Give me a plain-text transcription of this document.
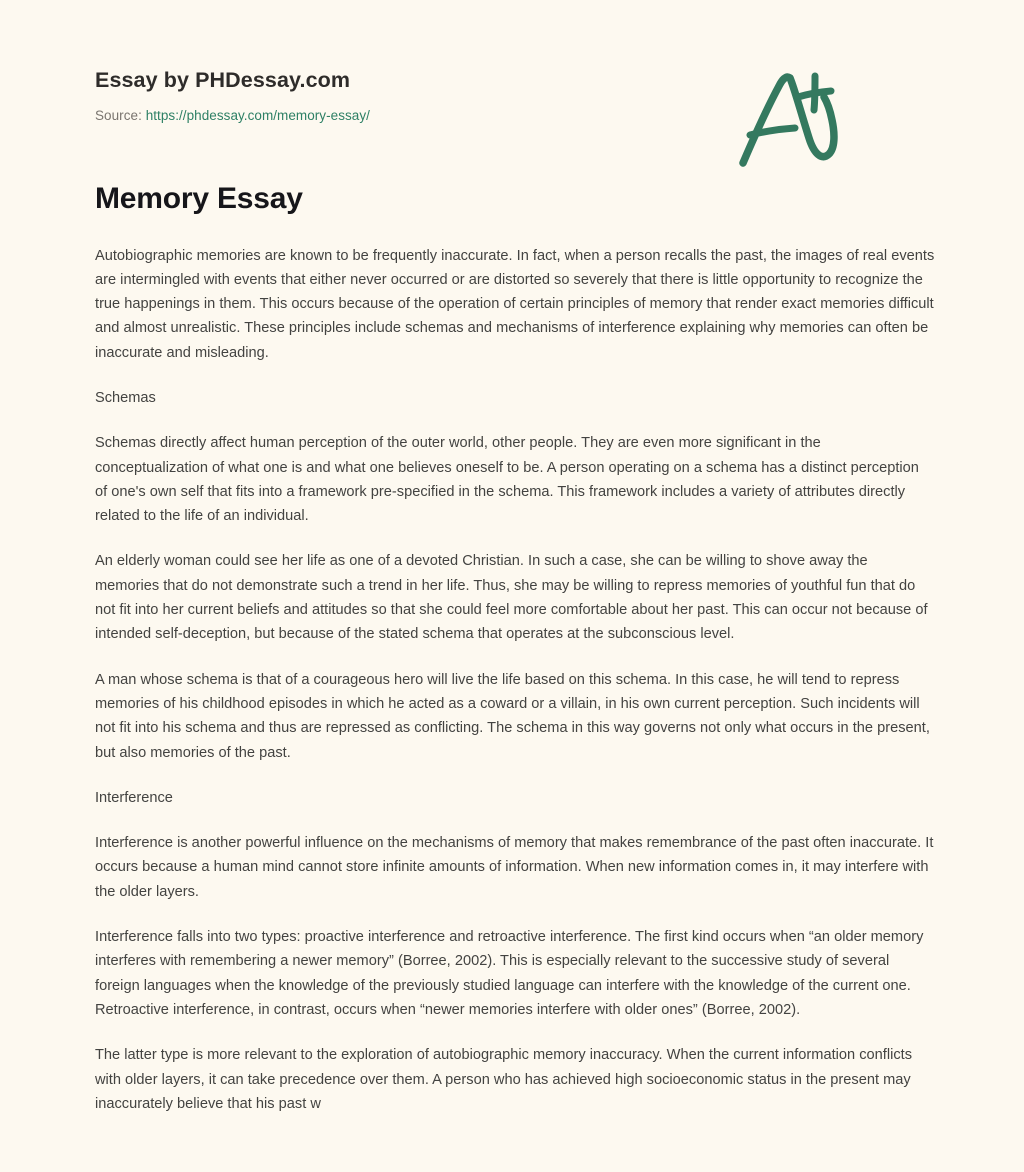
Essay by PHDessay.com
Source: https://phdessay.com/memory-essay/
Memory Essay

Autobiographic memories are known to be frequently inaccurate. In fact, when a person recalls the past, the images of real events are intermingled with events that either never occurred or are distorted so severely that there is little opportunity to recognize the true happenings in them. This occurs because of the operation of certain principles of memory that render exact memories difficult and almost unrealistic. These principles include schemas and mechanisms of interference explaining why memories can often be inaccurate and misleading.

Schemas

Schemas directly affect human perception of the outer world, other people. They are even more significant in the conceptualization of what one is and what one believes oneself to be. A person operating on a schema has a distinct perception of one's own self that fits into a framework pre-specified in the schema. This framework includes a variety of attributes directly related to the life of an individual.

An elderly woman could see her life as one of a devoted Christian. In such a case, she can be willing to shove away the memories that do not demonstrate such a trend in her life. Thus, she may be willing to repress memories of youthful fun that do not fit into her current beliefs and attitudes so that she could feel more comfortable about her past. This can occur not because of intended self-deception, but because of the stated schema that operates at the subconscious level.

A man whose schema is that of a courageous hero will live the life based on this schema. In this case, he will tend to repress memories of his childhood episodes in which he acted as a coward or a villain, in his own current perception. Such incidents will not fit into his schema and thus are repressed as conflicting. The schema in this way governs not only what occurs in the present, but also memories of the past.

Interference

Interference is another powerful influence on the mechanisms of memory that makes remembrance of the past often inaccurate. It occurs because a human mind cannot store infinite amounts of information. When new information comes in, it may interfere with the older layers.

Interference falls into two types: proactive interference and retroactive interference. The first kind occurs when “an older memory interferes with remembering a newer memory” (Borree, 2002). This is especially relevant to the successive study of several foreign languages when the knowledge of the previously studied language can interfere with the knowledge of the current one. Retroactive interference, in contrast, occurs when “newer memories interfere with older ones” (Borree, 2002).

The latter type is more relevant to the exploration of autobiographic memory inaccuracy. When the current information conflicts with older layers, it can take precedence over them. A person who has achieved high socioeconomic status in the present may inaccurately believe that his past w
